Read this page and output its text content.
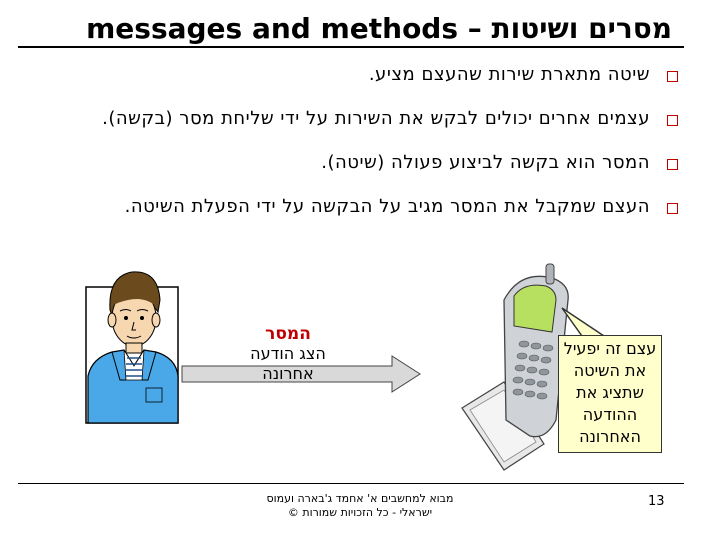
מסרים ושיטות – messages and methods
שיטה מתארת שירות שהעצם מציע.
עצמים אחרים יכולים לבקש את השירות על ידי שליחת מסר (בקשה).
המסר הוא בקשה לביצוע פעולה (שיטה).
העצם שמקבל את המסר מגיב על הבקשה על ידי הפעלת השיטה.
המסר
הצג הודעה
אחרונה
עצם זה יפעיל
את השיטה
שתציג את
ההודעה
האחרונה
מבוא למחשבים א' אחמד ג'בארה ועמוס
ישראלי - כל הזכויות שמורות ©
13
